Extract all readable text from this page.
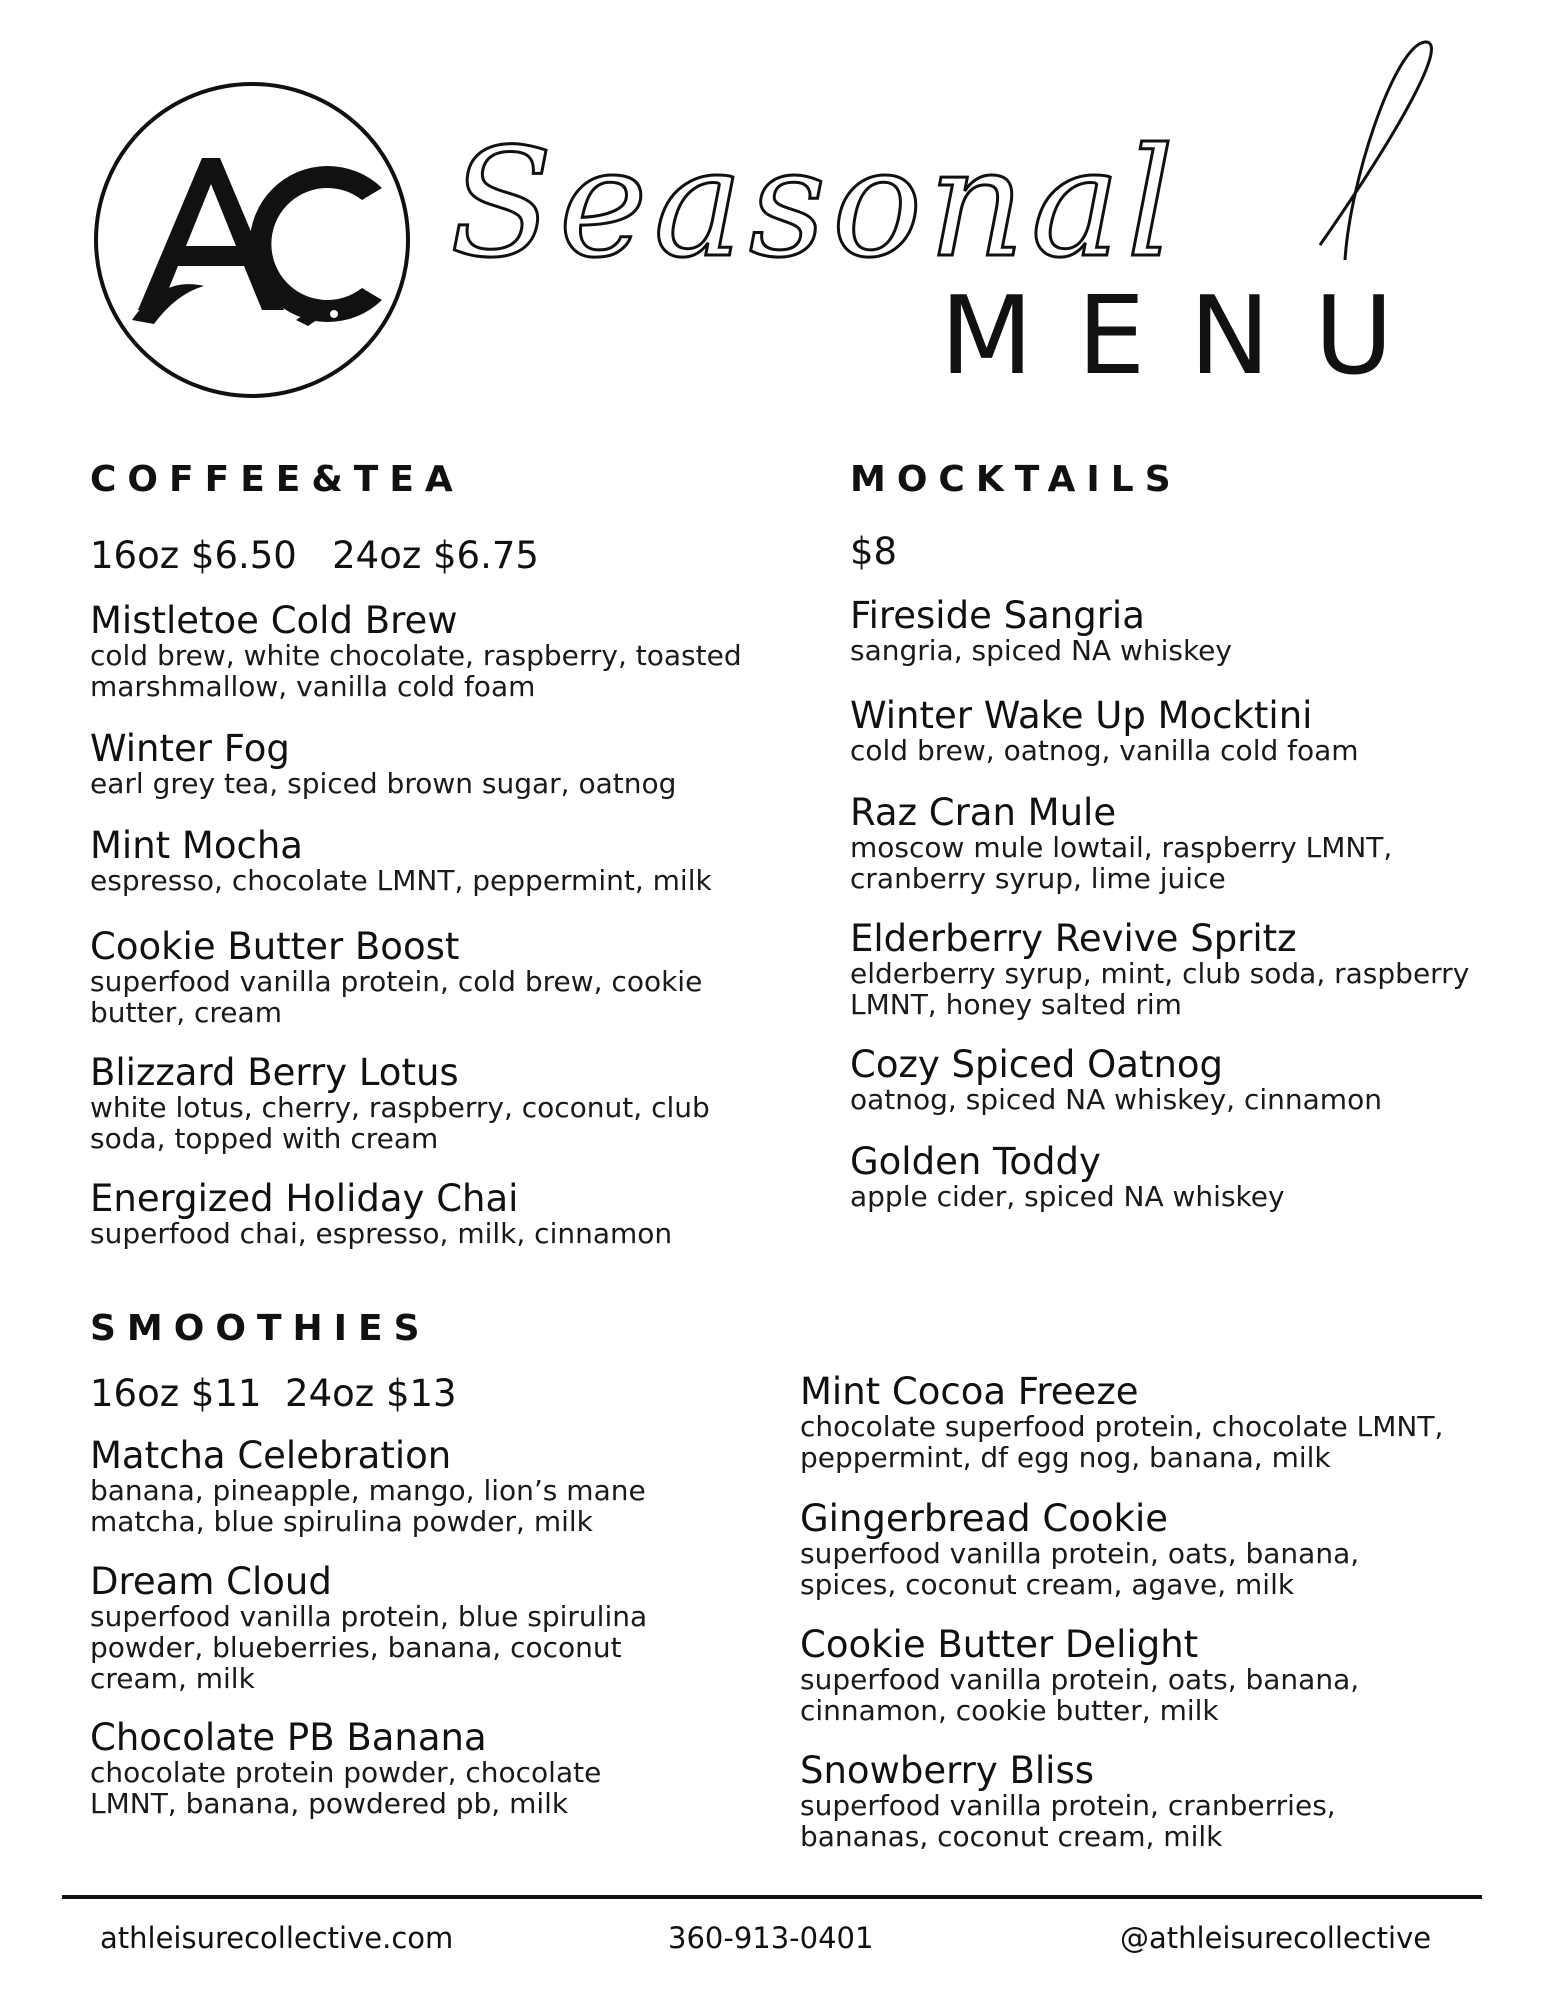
AC
Seasonal
MENU
COFFEE&TEA
16oz $6.50   24oz $6.75
Mistletoe Cold Brew
cold brew, white chocolate, raspberry, toasted marshmallow, vanilla cold foam
Winter Fog
earl grey tea, spiced brown sugar, oatnog
Mint Mocha
espresso, chocolate LMNT, peppermint, milk
Cookie Butter Boost
superfood vanilla protein, cold brew, cookie butter, cream
Blizzard Berry Lotus
white lotus, cherry, raspberry, coconut, club soda, topped with cream
Energized Holiday Chai
superfood chai, espresso, milk, cinnamon
MOCKTAILS
$8
Fireside Sangria
sangria, spiced NA whiskey
Winter Wake Up Mocktini
cold brew, oatnog, vanilla cold foam
Raz Cran Mule
moscow mule lowtail, raspberry LMNT, cranberry syrup, lime juice
Elderberry Revive Spritz
elderberry syrup, mint, club soda, raspberry LMNT, honey salted rim
Cozy Spiced Oatnog
oatnog, spiced NA whiskey, cinnamon
Golden Toddy
apple cider, spiced NA whiskey
SMOOTHIES
16oz $11  24oz $13
Matcha Celebration
banana, pineapple, mango, lion’s mane matcha, blue spirulina powder, milk
Dream Cloud
superfood vanilla protein, blue spirulina powder, blueberries, banana, coconut cream, milk
Chocolate PB Banana
chocolate protein powder, chocolate LMNT, banana, powdered pb, milk
Mint Cocoa Freeze
chocolate superfood protein, chocolate LMNT, peppermint, df egg nog, banana, milk
Gingerbread Cookie
superfood vanilla protein, oats, banana, spices, coconut cream, agave, milk
Cookie Butter Delight
superfood vanilla protein, oats, banana, cinnamon, cookie butter, milk
Snowberry Bliss
superfood vanilla protein, cranberries, bananas, coconut cream, milk
athleisurecollective.com	360-913-0401	@athleisurecollective
